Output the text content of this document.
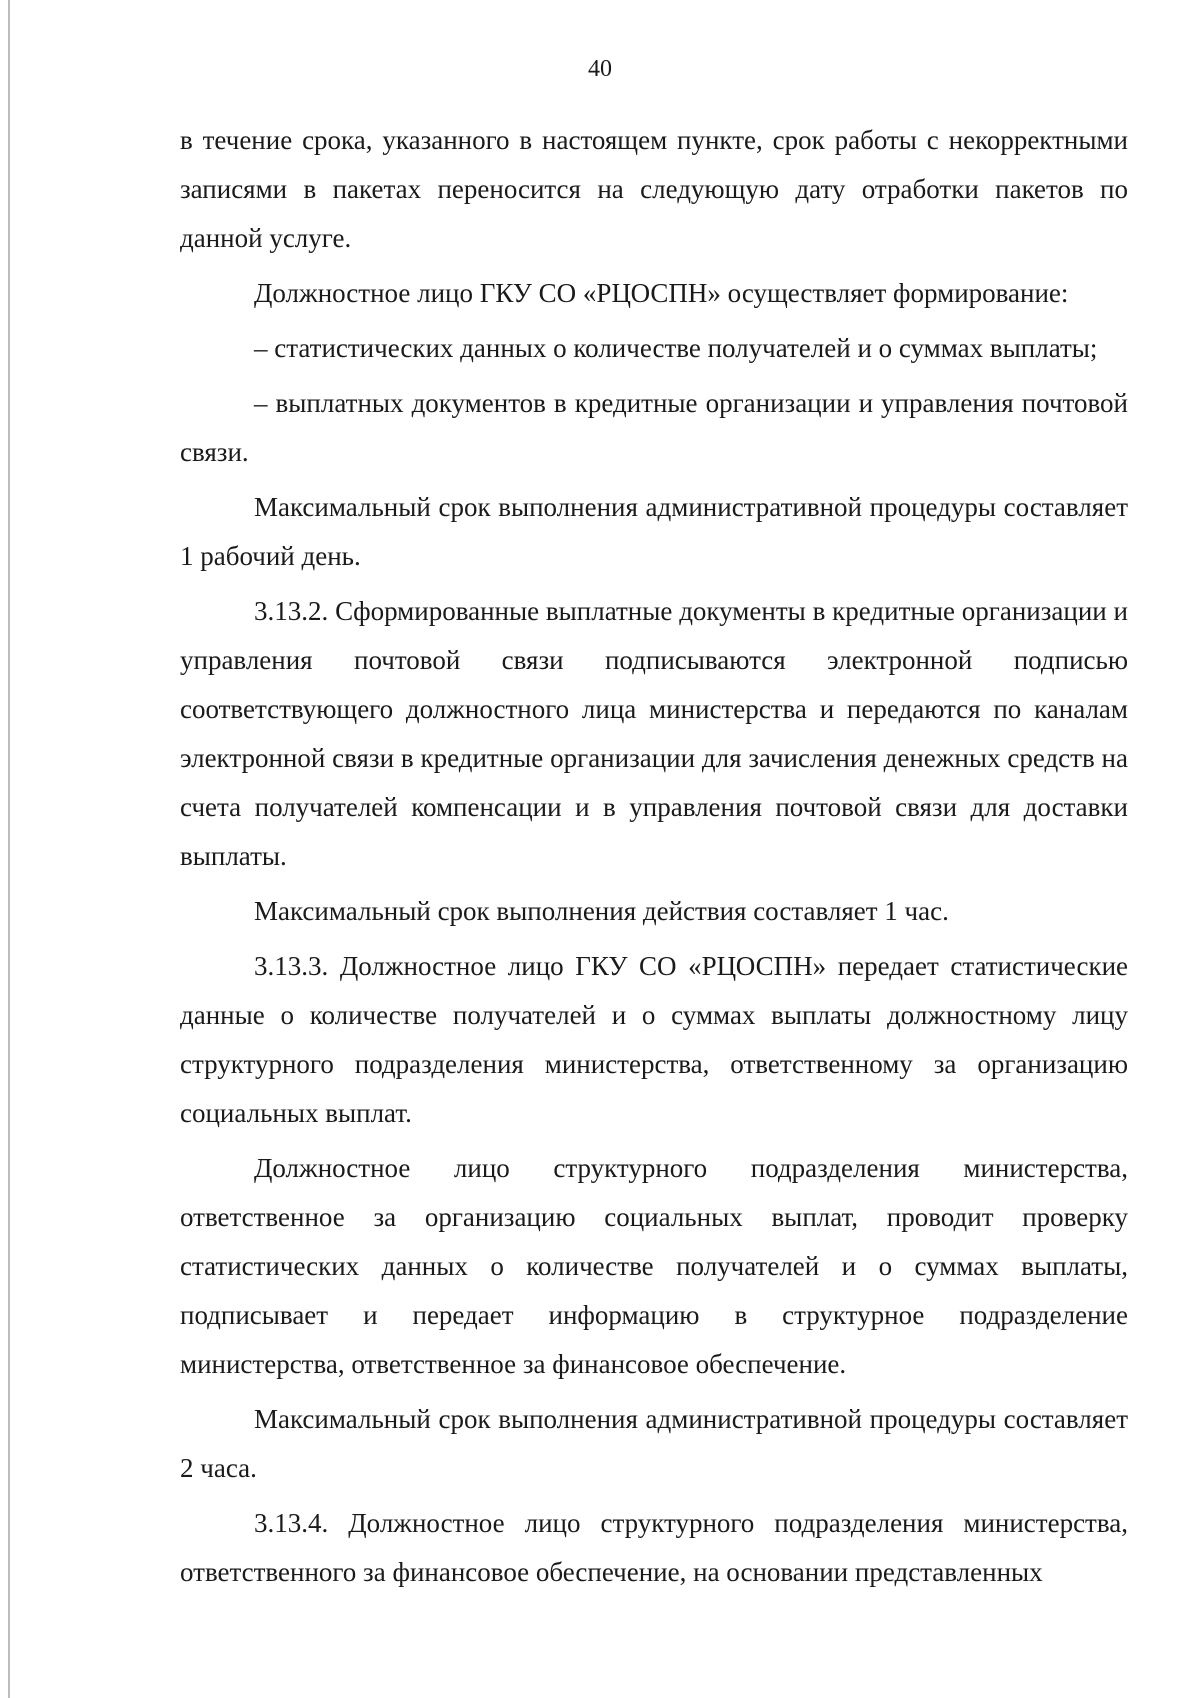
40

в течение срока, указанного в настоящем пункте, срок работы с некорректными записями в пакетах переносится на следующую дату отработки пакетов по данной услуге.

Должностное лицо ГКУ СО «РЦОСПН» осуществляет формирование:

– статистических данных о количестве получателей и о суммах выплаты;

– выплатных документов в кредитные организации и управления почтовой связи.

Максимальный срок выполнения административной процедуры составляет 1 рабочий день.

3.13.2. Сформированные выплатные документы в кредитные организации и управления почтовой связи подписываются электронной подписью соответствующего должностного лица министерства и передаются по каналам электронной связи в кредитные организации для зачисления денежных средств на счета получателей компенсации и в управления почтовой связи для доставки выплаты.

Максимальный срок выполнения действия составляет 1 час.

3.13.3. Должностное лицо ГКУ СО «РЦОСПН» передает статистические данные о количестве получателей и о суммах выплаты должностному лицу структурного подразделения министерства, ответственному за организацию социальных выплат.

Должностное лицо структурного подразделения министерства, ответственное за организацию социальных выплат, проводит проверку статистических данных о количестве получателей и о суммах выплаты, подписывает и передает информацию в структурное подразделение министерства, ответственное за финансовое обеспечение.

Максимальный срок выполнения административной процедуры составляет 2 часа.

3.13.4. Должностное лицо структурного подразделения министерства, ответственного за финансовое обеспечение, на основании представленных
